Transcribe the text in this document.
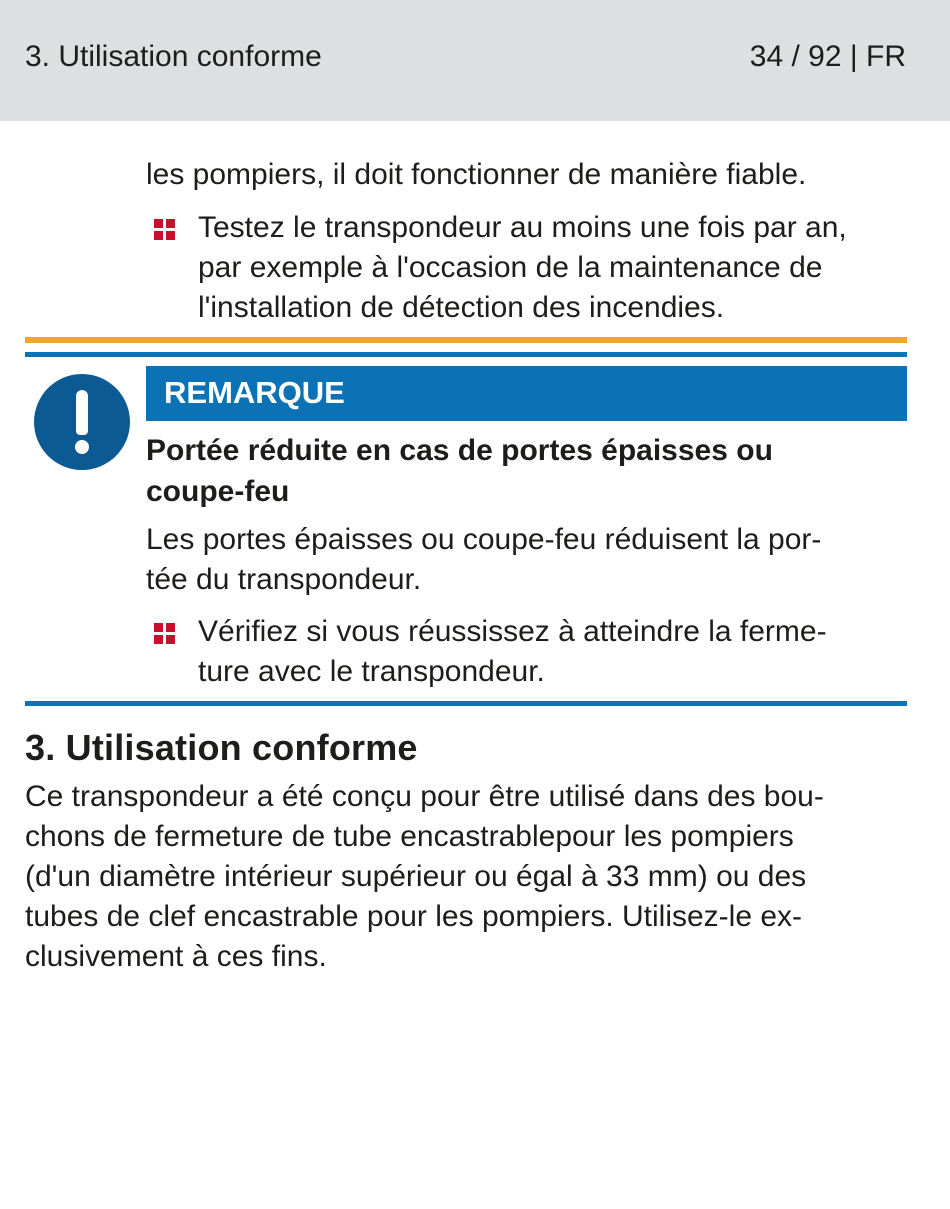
3. Utilisation conforme	34 / 92 | FR
les pompiers, il doit fonctionner de manière fiable.
Testez le transpondeur au moins une fois par an,
par exemple à l'occasion de la maintenance de
l'installation de détection des incendies.
REMARQUE
Portée réduite en cas de portes épaisses ou
coupe-feu
Les portes épaisses ou coupe-feu réduisent la por-
tée du transpondeur.
Vérifiez si vous réussissez à atteindre la ferme-
ture avec le transpondeur.
3. Utilisation conforme
Ce transpondeur a été conçu pour être utilisé dans des bou-
chons de fermeture de tube encastrablepour les pompiers
(d'un diamètre intérieur supérieur ou égal à 33 mm) ou des
tubes de clef encastrable pour les pompiers. Utilisez-le ex-
clusivement à ces fins.
